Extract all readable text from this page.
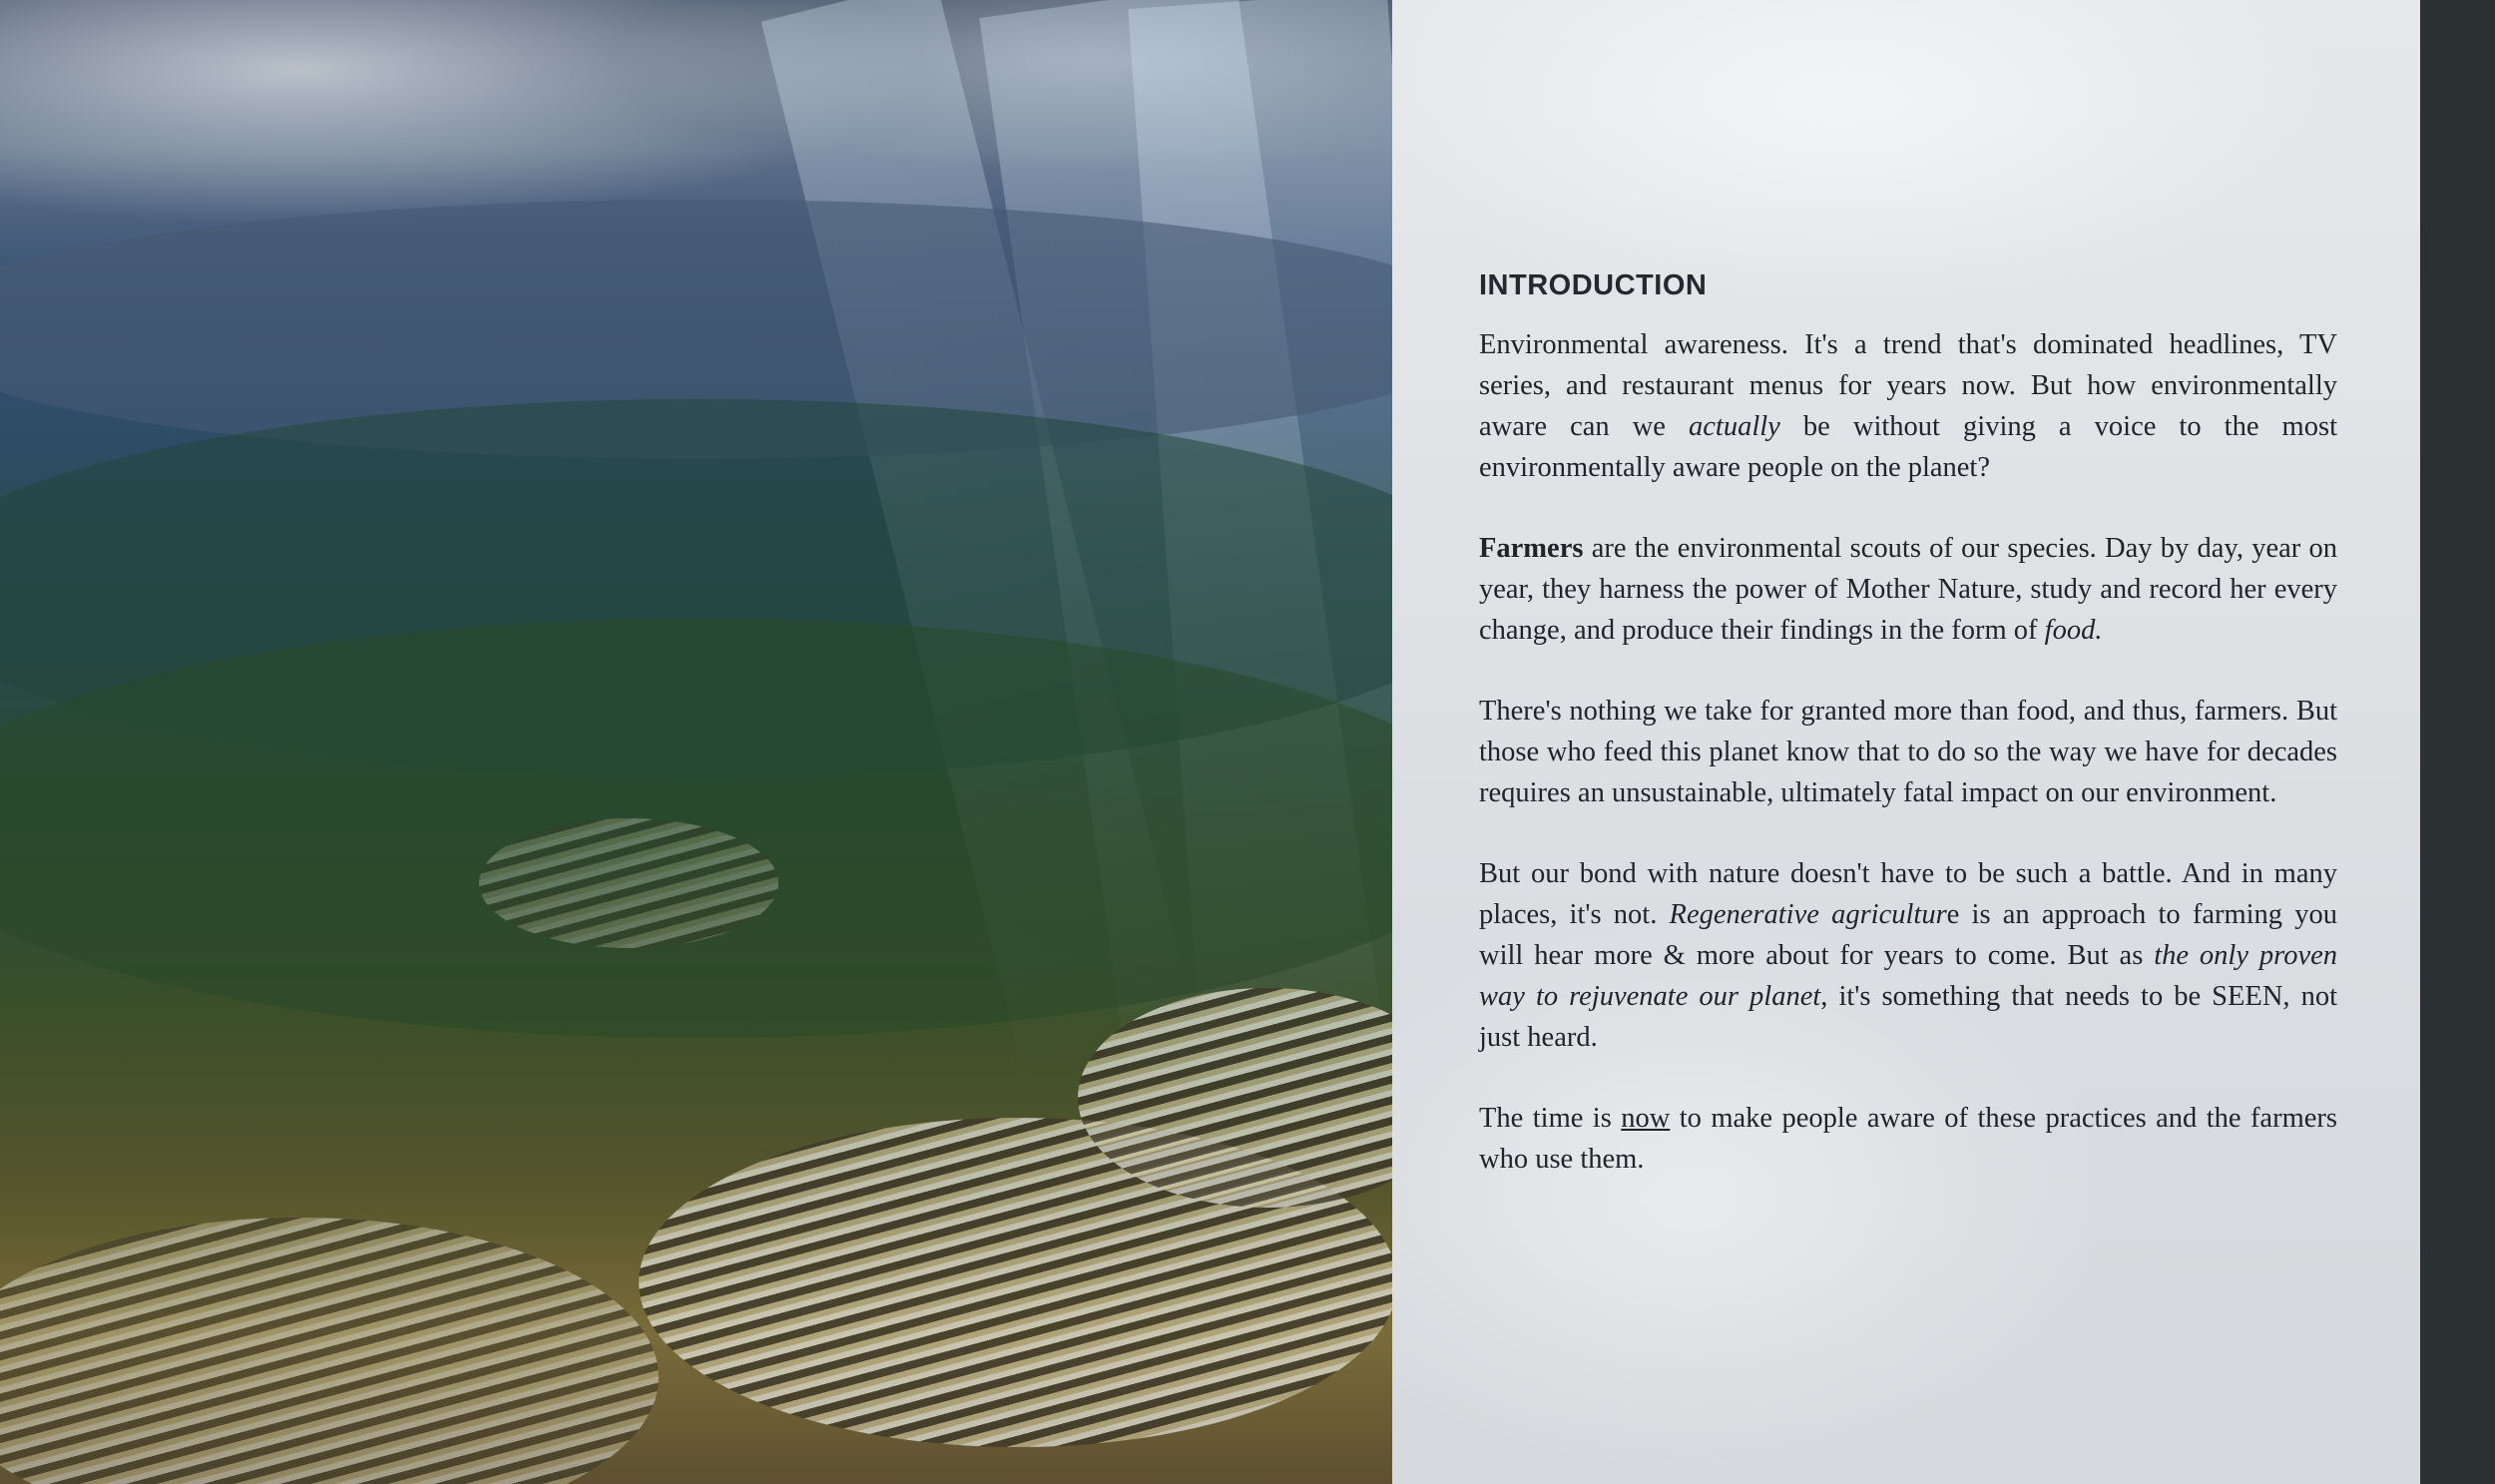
INTRODUCTION

Environmental awareness. It's a trend that's dominated headlines, TV series, and restaurant menus for years now. But how environmentally aware can we actually be without giving a voice to the most environmentally aware people on the planet?

Farmers are the environmental scouts of our species. Day by day, year on year, they harness the power of Mother Nature, study and record her every change, and produce their findings in the form of food.

There's nothing we take for granted more than food, and thus, farmers. But those who feed this planet know that to do so the way we have for decades requires an unsustainable, ultimately fatal impact on our environment.

But our bond with nature doesn't have to be such a battle. And in many places, it's not. Regenerative agriculture is an approach to farming you will hear more & more about for years to come. But as the only proven way to rejuvenate our planet, it's something that needs to be SEEN, not just heard.

The time is now to make people aware of these practices and the farmers who use them.
